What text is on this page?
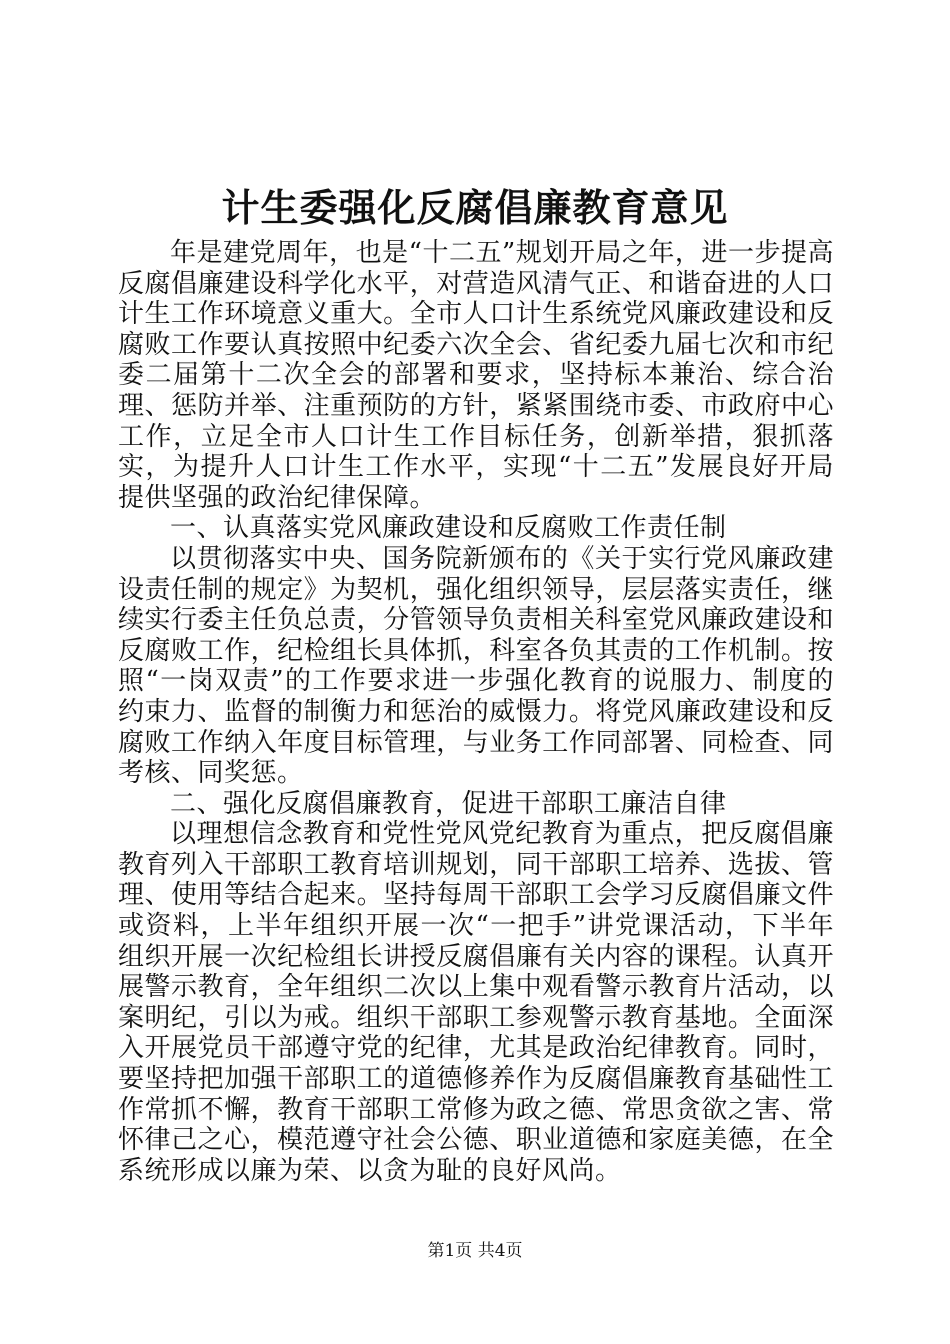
计生委强化反腐倡廉教育意见

年是建党周年，也是“十二五”规划开局之年，进一步提高反腐倡廉建设科学化水平，对营造风清气正、和谐奋进的人口计生工作环境意义重大。全市人口计生系统党风廉政建设和反腐败工作要认真按照中纪委六次全会、省纪委九届七次和市纪委二届第十二次全会的部署和要求，坚持标本兼治、综合治理、惩防并举、注重预防的方针，紧紧围绕市委、市政府中心工作，立足全市人口计生工作目标任务，创新举措，狠抓落实，为提升人口计生工作水平，实现“十二五”发展良好开局提供坚强的政治纪律保障。

一、认真落实党风廉政建设和反腐败工作责任制

以贯彻落实中央、国务院新颁布的《关于实行党风廉政建设责任制的规定》为契机，强化组织领导，层层落实责任，继续实行委主任负总责，分管领导负责相关科室党风廉政建设和反腐败工作，纪检组长具体抓，科室各负其责的工作机制。按照“一岗双责”的工作要求进一步强化教育的说服力、制度的约束力、监督的制衡力和惩治的威慑力。将党风廉政建设和反腐败工作纳入年度目标管理，与业务工作同部署、同检查、同考核、同奖惩。

二、强化反腐倡廉教育，促进干部职工廉洁自律

以理想信念教育和党性党风党纪教育为重点，把反腐倡廉教育列入干部职工教育培训规划，同干部职工培养、选拔、管理、使用等结合起来。坚持每周干部职工会学习反腐倡廉文件或资料，上半年组织开展一次“一把手”讲党课活动，下半年组织开展一次纪检组长讲授反腐倡廉有关内容的课程。认真开展警示教育，全年组织二次以上集中观看警示教育片活动，以案明纪，引以为戒。组织干部职工参观警示教育基地。全面深入开展党员干部遵守党的纪律，尤其是政治纪律教育。同时，要坚持把加强干部职工的道德修养作为反腐倡廉教育基础性工作常抓不懈，教育干部职工常修为政之德、常思贪欲之害、常怀律己之心，模范遵守社会公德、职业道德和家庭美德，在全系统形成以廉为荣、以贪为耻的良好风尚。

第1页 共4页
